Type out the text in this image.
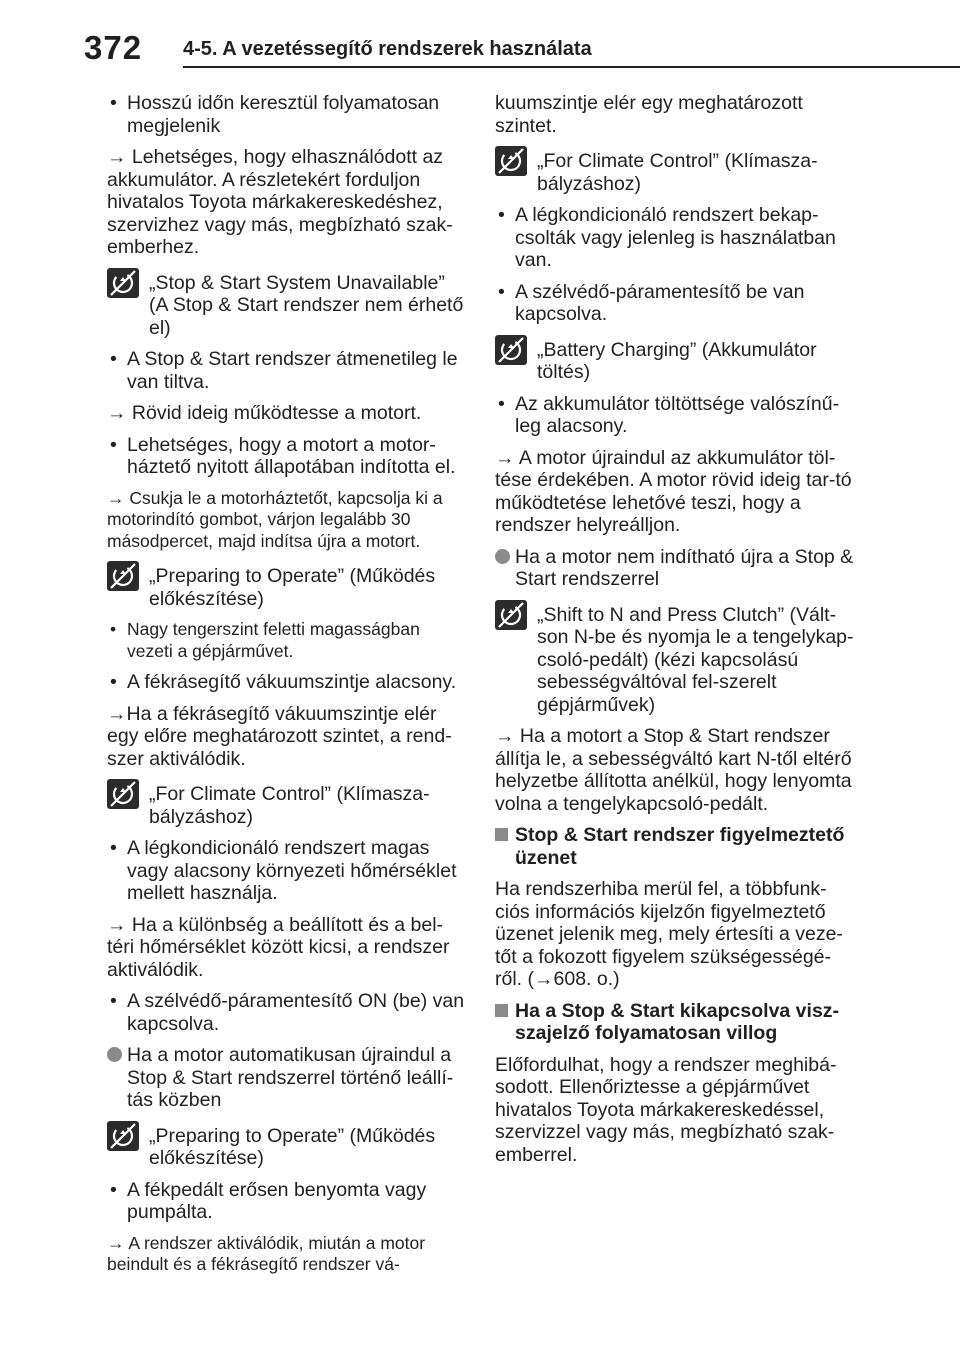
372 4-5. A vezetéssegítő rendszerek használata
• Hosszú időn keresztül folyamatosan megjelenik
→ Lehetséges, hogy elhasználódott az akkumulátor. A részletekért forduljon hivatalos Toyota márkakereskedéshez, szervizhez vagy más, megbízható szak-emberhez.
„Stop & Start System Unavailable” (A Stop & Start rendszer nem érhető el)
• A Stop & Start rendszer átmenetileg le van tiltva.
→ Rövid ideig működtesse a motort.
• Lehetséges, hogy a motort a motor-háztető nyitott állapotában indította el.
→ Csukja le a motorháztetőt, kapcsolja ki a motorindító gombot, várjon legalább 30 másodpercet, majd indítsa újra a motort.
„Preparing to Operate” (Működés előkészítése)
• Nagy tengerszint feletti magasságban vezeti a gépjárművet.
• A fékrásegítő vákuumszintje alacsony.
→Ha a fékrásegítő vákuumszintje elér egy előre meghatározott szintet, a rend-szer aktiválódik.
„For Climate Control” (Klímasza-bályzáshoz)
• A légkondicionáló rendszert magas vagy alacsony környezeti hőmérséklet mellett használja.
→ Ha a különbség a beállított és a bel-téri hőmérséklet között kicsi, a rendszer aktiválódik.
• A szélvédő-páramentesítő ON (be) van kapcsolva.
Ha a motor automatikusan újraindul a Stop & Start rendszerrel történő leállí-tás közben
„Preparing to Operate” (Működés előkészítése)
• A fékpedált erősen benyomta vagy pumpálta.
→ A rendszer aktiválódik, miután a motor beindult és a fékrásegítő rendszer vá-
kuumszintje elér egy meghatározott szintet.
„For Climate Control” (Klímasza-bályzáshoz)
• A légkondicionáló rendszert bekap-csolták vagy jelenleg is használatban van.
• A szélvédő-páramentesítő be van kapcsolva.
„Battery Charging” (Akkumulátor töltés)
• Az akkumulátor töltöttsége valószínű-leg alacsony.
→ A motor újraindul az akkumulátor töl-tése érdekében. A motor rövid ideig tar-tó működtetése lehetővé teszi, hogy a rendszer helyreálljon.
Ha a motor nem indítható újra a Stop & Start rendszerrel
„Shift to N and Press Clutch” (Vált-son N-be és nyomja le a tengelykap-csoló-pedált) (kézi kapcsolású sebességváltóval fel-szerelt gépjárművek)
→ Ha a motort a Stop & Start rendszer állítja le, a sebességváltó kart N-től eltérő helyzetbe állította anélkül, hogy lenyomta volna a tengelykapcsoló-pedált.
Stop & Start rendszer figyelmeztető üzenet
Ha rendszerhiba merül fel, a többfunk-ciós információs kijelzőn figyelmeztető üzenet jelenik meg, mely értesíti a veze-tőt a fokozott figyelem szükségességé-ről. (→608. o.)
Ha a Stop & Start kikapcsolva visz-szajelző folyamatosan villog
Előfordulhat, hogy a rendszer meghibá-sodott. Ellenőriztesse a gépjárművet hivatalos Toyota márkakereskedéssel, szervizzel vagy más, megbízható szak-emberrel.
